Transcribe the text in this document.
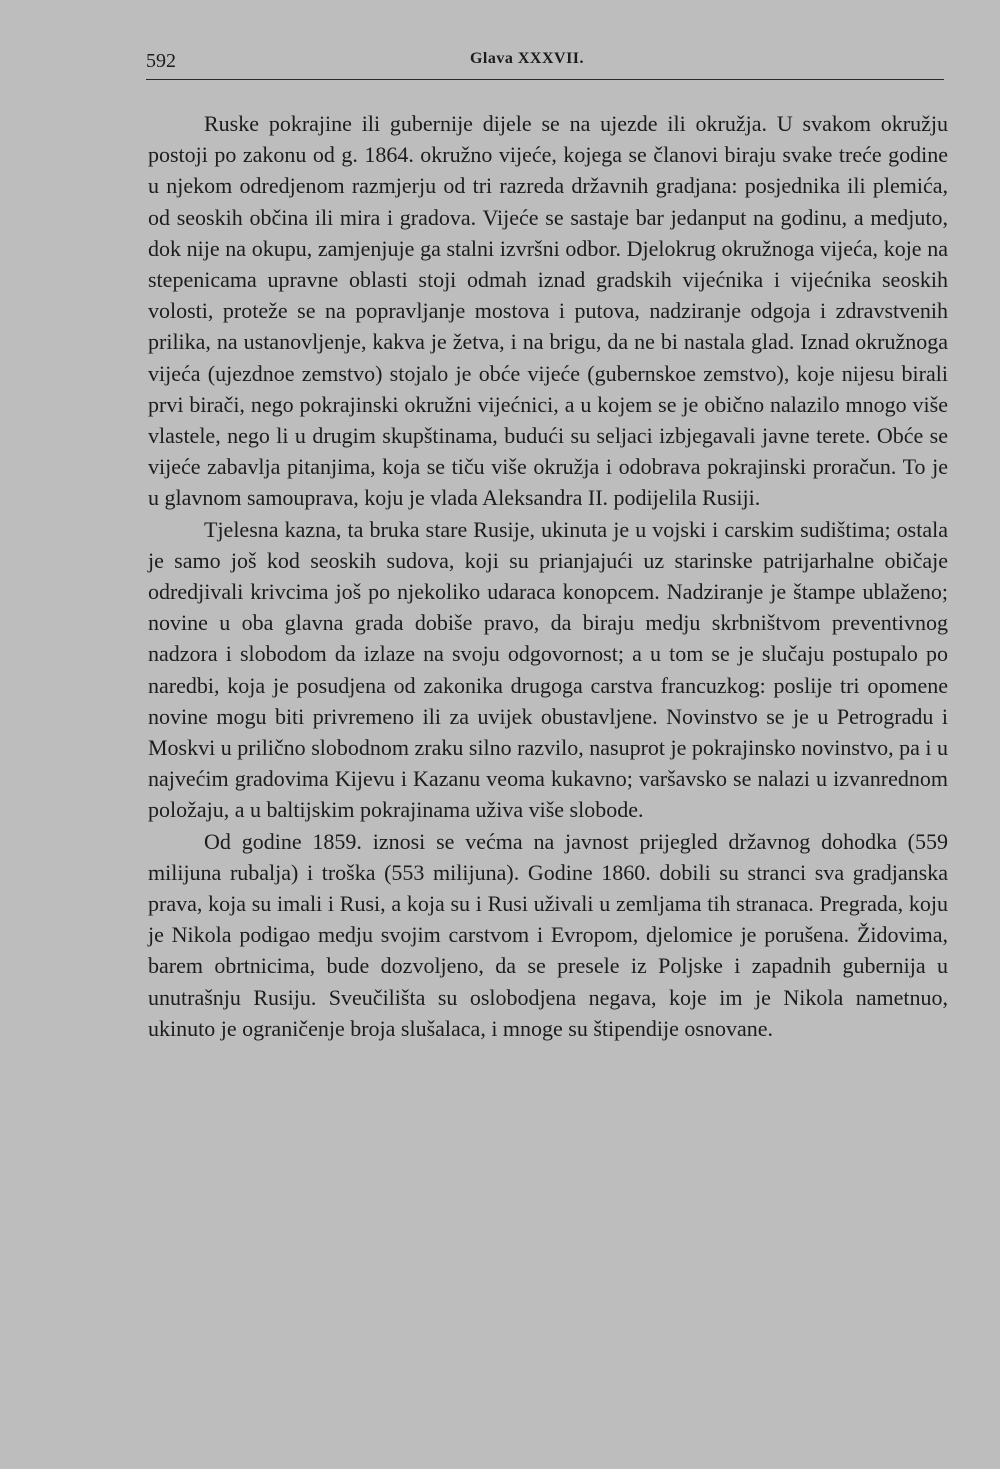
592	Glava XXXVII.

Ruske pokrajine ili gubernije dijele se na ujezde ili okružja. U svakom okružju postoji po zakonu od g. 1864. okružno vijeće, kojega se članovi biraju svake treće godine u njekom odredjenom razmjerju od tri razreda državnih gradjana: posjednika ili plemića, od seoskih občina ili mira i gradova. Vijeće se sastaje bar jedanput na godinu, a medjuto, dok nije na okupu, zamjenjuje ga stalni izvršni odbor. Djelokrug okružnoga vijeća, koje na stepenicama upravne oblasti stoji odmah iznad gradskih vijećnika i vijećnika seoskih volosti, proteže se na popravljanje mostova i putova, nadziranje odgoja i zdravstvenih prilika, na ustanovljenje, kakva je žetva, i na brigu, da ne bi nastala glad. Iznad okružnoga vijeća (ujezdnoe zemstvo) stojalo je obće vijeće (gubernskoe zemstvo), koje nijesu birali prvi birači, nego pokrajinski okružni vijećnici, a u kojem se je obično nalazilo mnogo više vlastele, nego li u drugim skupštinama, budući su seljaci izbjegavali javne terete. Obće se vijeće zabavlja pitanjima, koja se tiču više okružja i odobrava pokrajinski proračun. To je u glavnom samouprava, koju je vlada Aleksandra II. podijelila Rusiji.

Tjelesna kazna, ta bruka stare Rusije, ukinuta je u vojski i carskim sudištima; ostala je samo još kod seoskih sudova, koji su prianjajući uz starinske patrijarhalne običaje odredjivali krivcima još po njekoliko udaraca konopcem. Nadziranje je štampe ublaženo; novine u oba glavna grada dobiše pravo, da biraju medju skrbništvom preventivnog nadzora i slobodom da izlaze na svoju odgovornost; a u tom se je slučaju postupalo po naredbi, koja je posudjena od zakonika drugoga carstva francuzkog: poslije tri opomene novine mogu biti privremeno ili za uvijek obustavljene. Novinstvo se je u Petrogradu i Moskvi u prilično slobodnom zraku silno razvilo, nasuprot je pokrajinsko novinstvo, pa i u najvećim gradovima Kijevu i Kazanu veoma kukavno; varšavsko se nalazi u izvanrednom položaju, a u baltijskim pokrajinama uživa više slobode.

Od godine 1859. iznosi se većma na javnost prijegled državnog dohodka (559 milijuna rubalja) i troška (553 milijuna). Godine 1860. dobili su stranci sva gradjanska prava, koja su imali i Rusi, a koja su i Rusi uživali u zemljama tih stranaca. Pregrada, koju je Nikola podigao medju svojim carstvom i Evropom, djelomice je porušena. Židovima, barem obrtnicima, bude dozvoljeno, da se presele iz Poljske i zapadnih gubernija u unutrašnju Rusiju. Sveučilišta su oslobodjena negava, koje im je Nikola nametnuo, ukinuto je ograničenje broja slušalaca, i mnoge su štipendije osnovane.
